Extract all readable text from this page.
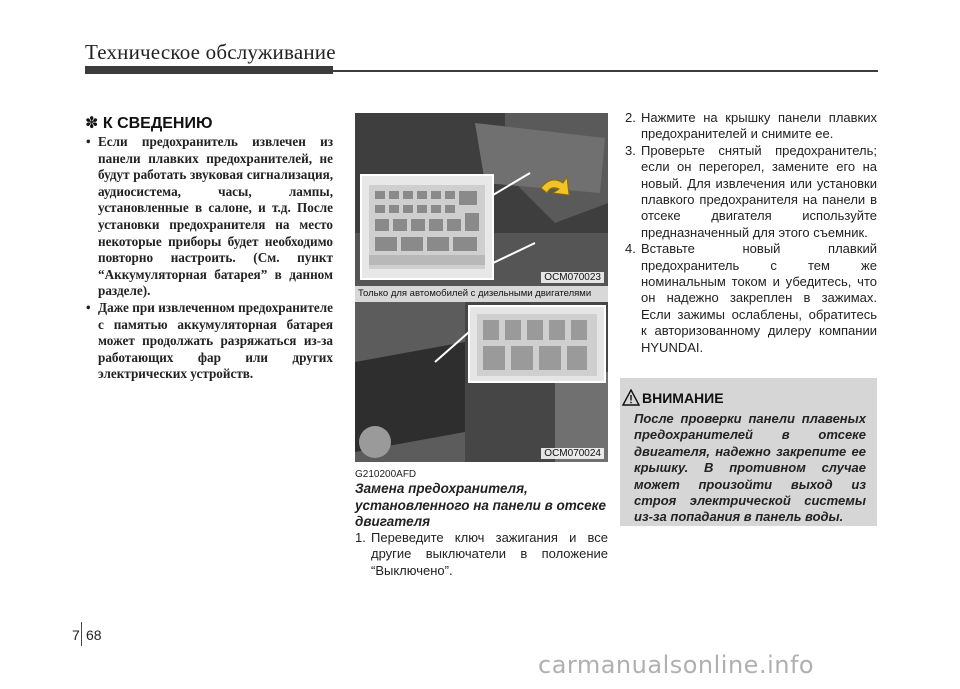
Техническое обслуживание
✽ К СВЕДЕНИЮ
• Если предохранитель извлечен из панели плавких предохранителей, не будут работать звуковая сигнализация, аудиосистема, часы, лампы, установленные в салоне, и т.д. После установки предохранителя на место некоторые приборы будет необходимо повторно настроить. (См. пункт “Аккумуляторная батарея” в данном разделе).
• Даже при извлеченном предохранителе с памятью аккумуляторная батарея может продолжать разряжаться из-за работающих фар или других электрических устройств.
OCM070023
Только для автомобилей с дизельными двигателями
OCM070024
G210200AFD
Замена предохранителя, установленного на панели в отсеке двигателя
1. Переведите ключ зажигания и все другие выключатели в положение “Выключено”.
2. Нажмите на крышку панели плавких предохранителей и снимите ее.
3. Проверьте снятый предохранитель; если он перегорел, замените его на новый. Для извлечения или установки плавкого предохранителя на панели в отсеке двигателя используйте предназначенный для этого съемник.
4. Вставьте новый плавкий предохранитель с тем же номинальным током и убедитесь, что он надежно закреплен в зажимах. Если зажимы ослаблены, обратитесь к авторизованному дилеру компании HYUNDAI.
ВНИМАНИЕ
После проверки панели плавеных предохранителей в отсеке двигателя, надежно закрепите ее крышку. В противном случае может произойти выход из строя электрической системы из-за попадания в панель воды.
7 68
carmanualsonline.info
